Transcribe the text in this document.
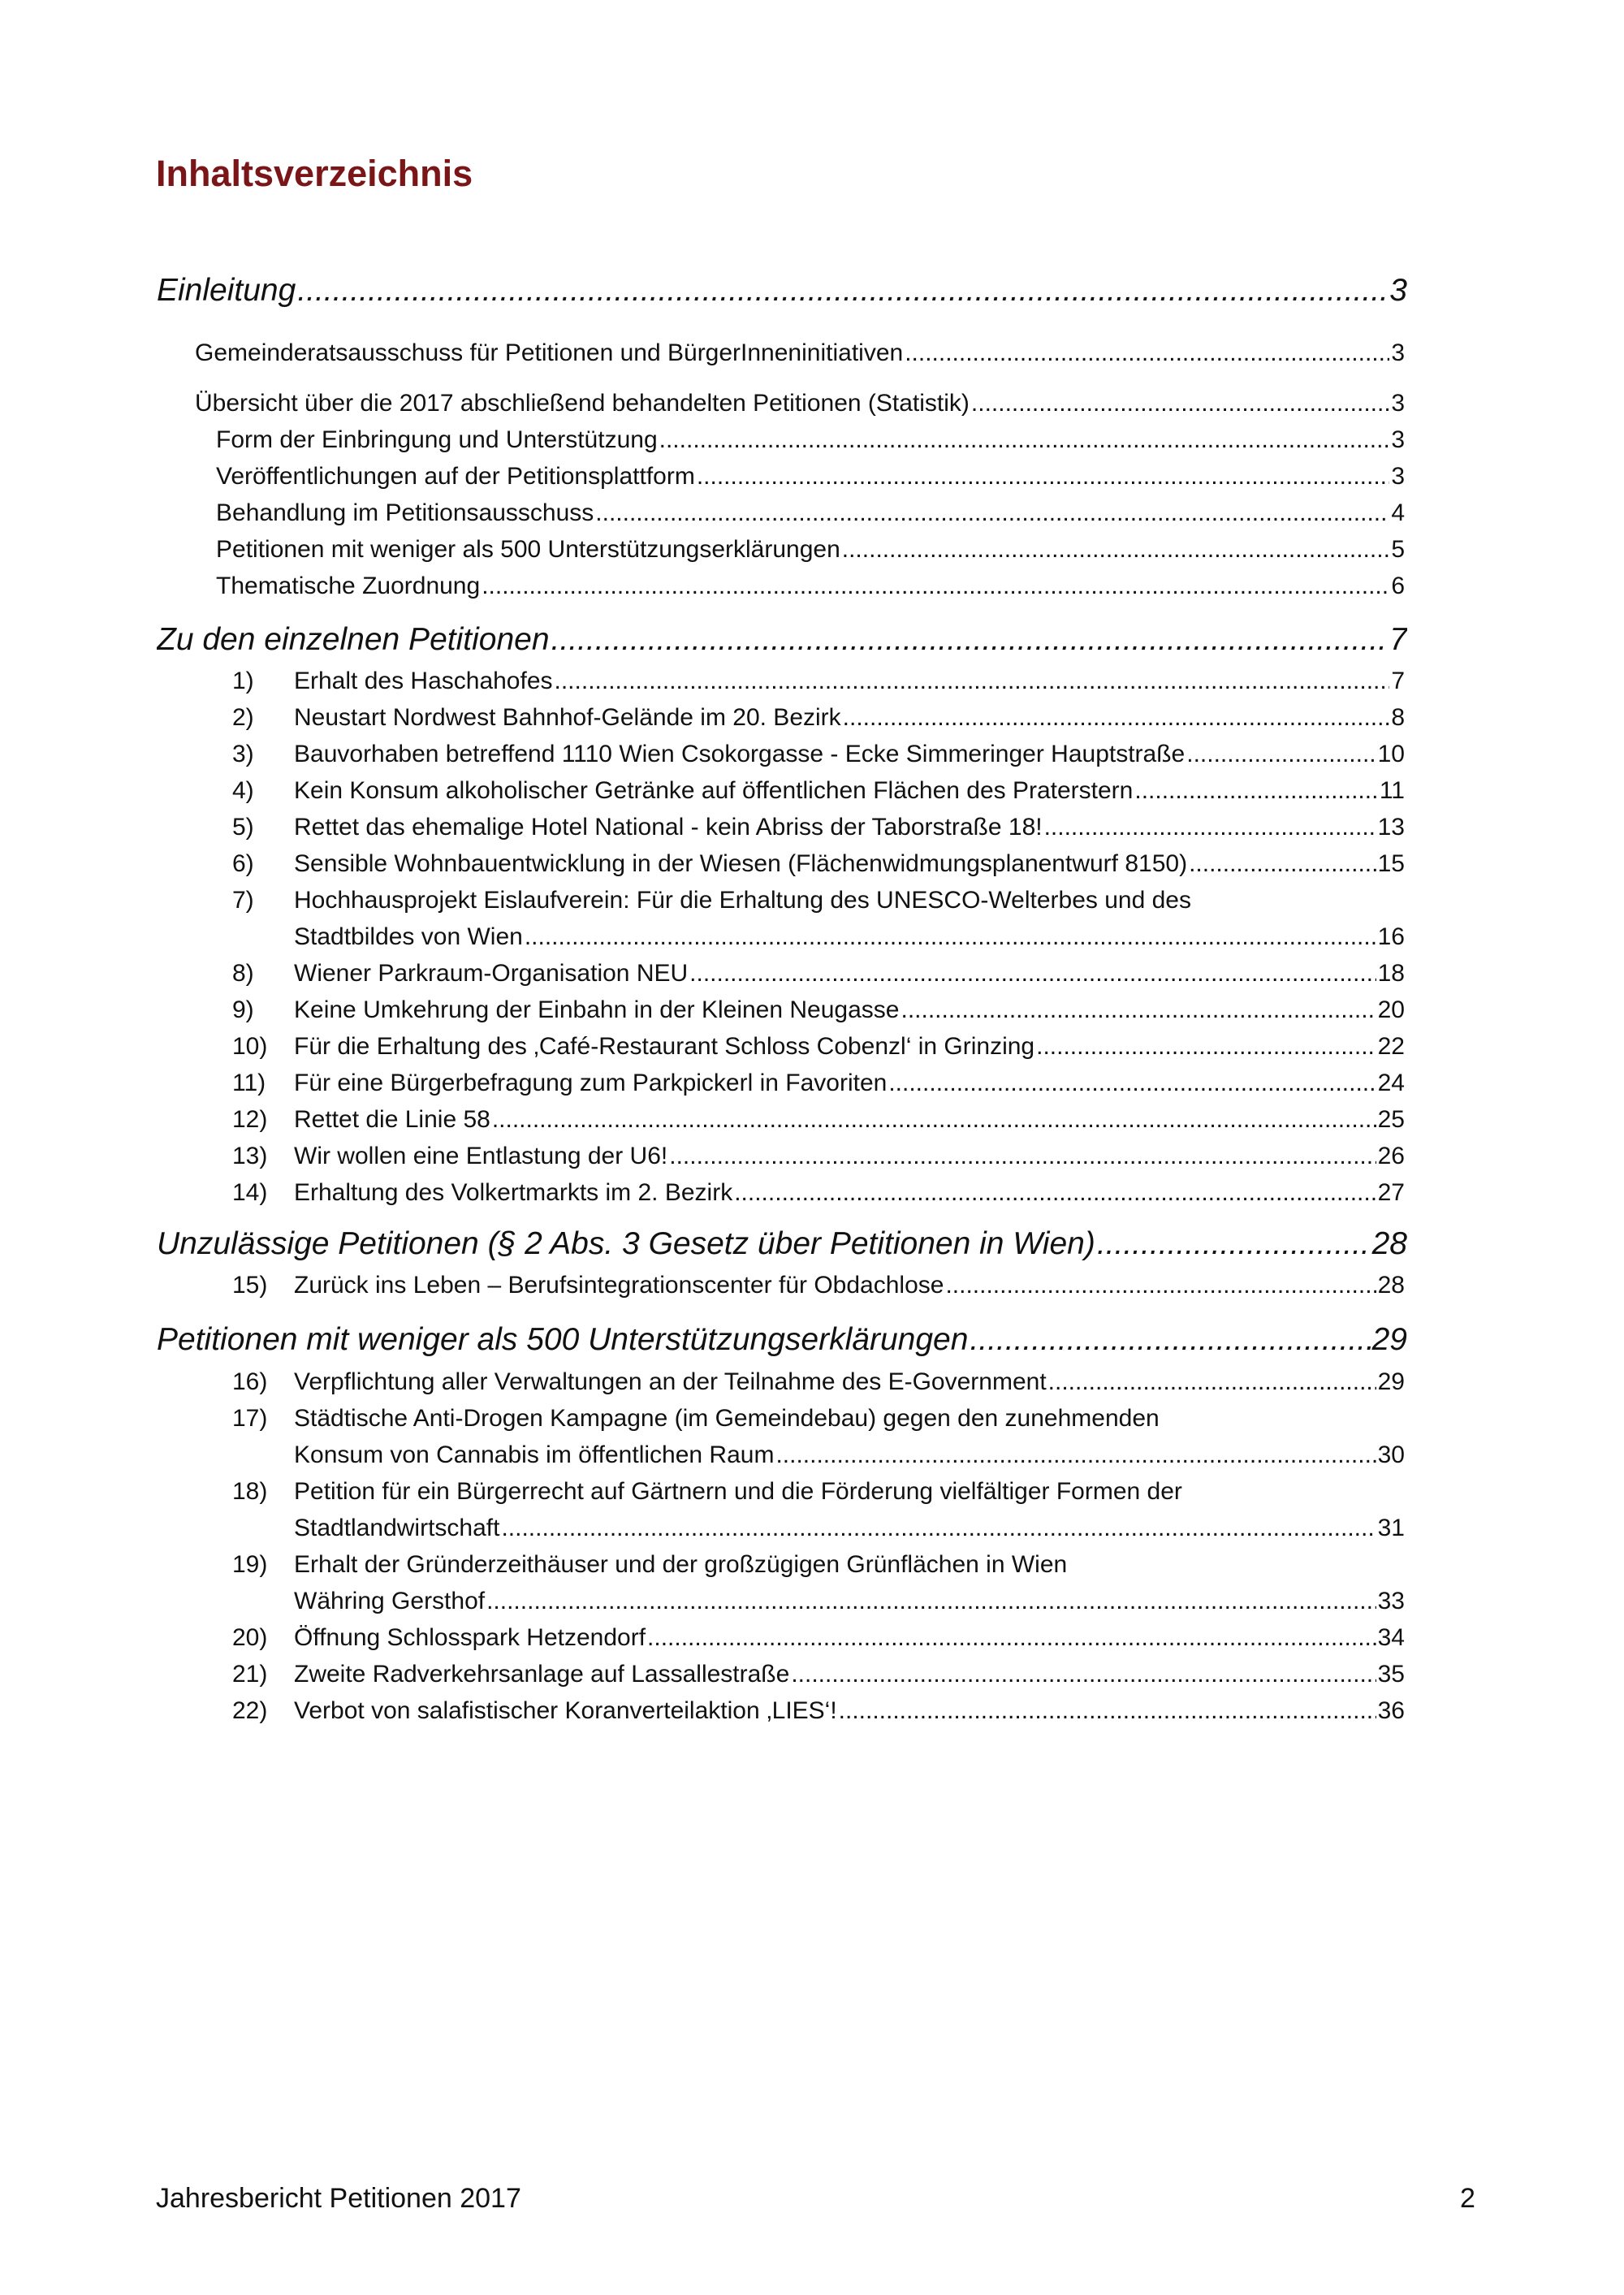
Inhaltsverzeichnis
Einleitung .....	3
Gemeinderatsausschuss für Petitionen und BürgerInneninitiativen .....	3
Übersicht über die 2017 abschließend behandelten Petitionen (Statistik) .....	3
Form der Einbringung und Unterstützung .....	3
Veröffentlichungen auf der Petitionsplattform .....	3
Behandlung im Petitionsausschuss .....	4
Petitionen mit weniger als 500 Unterstützungserklärungen .....	5
Thematische Zuordnung .....	6
Zu den einzelnen Petitionen .....	7
1)	Erhalt des Haschahofes .....	7
2)	Neustart Nordwest Bahnhof-Gelände im 20. Bezirk .....	8
3)	Bauvorhaben betreffend 1110 Wien Csokorgasse - Ecke Simmeringer Hauptstraße .....	10
4)	Kein Konsum alkoholischer Getränke auf öffentlichen Flächen des Praterstern .....	11
5)	Rettet das ehemalige Hotel National - kein Abriss der Taborstraße 18! .....	13
6)	Sensible Wohnbauentwicklung in der Wiesen (Flächenwidmungsplanentwurf 8150) .....	15
7)	Hochhausprojekt Eislaufverein: Für die Erhaltung des UNESCO-Welterbes und des
Stadtbildes von Wien .....	16
8)	Wiener Parkraum-Organisation NEU .....	18
9)	Keine Umkehrung der Einbahn in der Kleinen Neugasse .....	20
10)	Für die Erhaltung des ‚Café-Restaurant Schloss Cobenzl‘ in Grinzing .....	22
11)	Für eine Bürgerbefragung zum Parkpickerl in Favoriten .....	24
12)	Rettet die Linie 58 .....	25
13)	Wir wollen eine Entlastung der U6! .....	26
14)	Erhaltung des Volkertmarkts im 2. Bezirk .....	27
Unzulässige Petitionen (§ 2 Abs. 3 Gesetz über Petitionen in Wien) .....	28
15)	Zurück ins Leben – Berufsintegrationscenter für Obdachlose .....	28
Petitionen mit weniger als 500 Unterstützungserklärungen .....	29
16)	Verpflichtung aller Verwaltungen an der Teilnahme des E-Government .....	29
17)	Städtische Anti-Drogen Kampagne (im Gemeindebau) gegen den zunehmenden
Konsum von Cannabis im öffentlichen Raum .....	30
18)	Petition für ein Bürgerrecht auf Gärtnern und die Förderung vielfältiger Formen der
Stadtlandwirtschaft .....	31
19)	Erhalt der Gründerzeithäuser und der großzügigen Grünflächen in Wien
Währing Gersthof .....	33
20)	Öffnung Schlosspark Hetzendorf .....	34
21)	Zweite Radverkehrsanlage auf Lassallestraße .....	35
22)	Verbot von salafistischer Koranverteilaktion ‚LIES‘! .....	36
Jahresbericht Petitionen 2017	2
